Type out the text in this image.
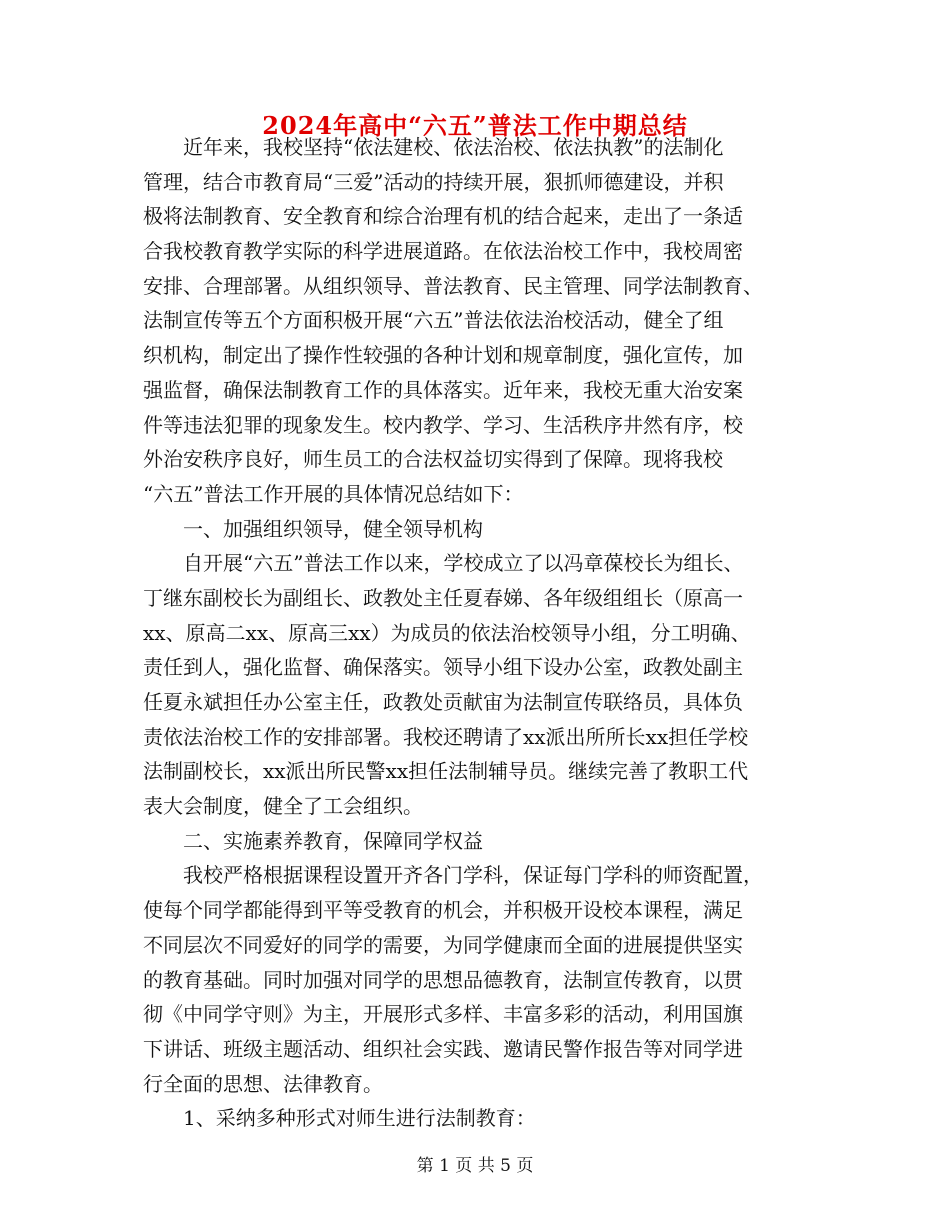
2024年高中“六五”普法工作中期总结
　　近年来，我校坚持“依法建校、依法治校、依法执教”的法制化
管理，结合市教育局“三爱”活动的持续开展，狠抓师德建设，并积
极将法制教育、安全教育和综合治理有机的结合起来，走出了一条适
合我校教育教学实际的科学进展道路。在依法治校工作中，我校周密
安排、合理部署。从组织领导、普法教育、民主管理、同学法制教育、
法制宣传等五个方面积极开展“六五”普法依法治校活动，健全了组
织机构，制定出了操作性较强的各种计划和规章制度，强化宣传，加
强监督，确保法制教育工作的具体落实。近年来，我校无重大治安案
件等违法犯罪的现象发生。校内教学、学习、生活秩序井然有序，校
外治安秩序良好，师生员工的合法权益切实得到了保障。现将我校
“六五”普法工作开展的具体情况总结如下：
　　一、加强组织领导，健全领导机构
　　自开展“六五”普法工作以来，学校成立了以冯章葆校长为组长、
丁继东副校长为副组长、政教处主任夏春娣、各年级组组长（原高一
xx、原高二xx、原高三xx）为成员的依法治校领导小组，分工明确、
责任到人，强化监督、确保落实。领导小组下设办公室，政教处副主
任夏永斌担任办公室主任，政教处贡献宙为法制宣传联络员，具体负
责依法治校工作的安排部署。我校还聘请了xx派出所所长xx担任学校
法制副校长，xx派出所民警xx担任法制辅导员。继续完善了教职工代
表大会制度，健全了工会组织。
　　二、实施素养教育，保障同学权益
　　我校严格根据课程设置开齐各门学科，保证每门学科的师资配置，
使每个同学都能得到平等受教育的机会，并积极开设校本课程，满足
不同层次不同爱好的同学的需要，为同学健康而全面的进展提供坚实
的教育基础。同时加强对同学的思想品德教育，法制宣传教育，以贯
彻《中同学守则》为主，开展形式多样、丰富多彩的活动，利用国旗
下讲话、班级主题活动、组织社会实践、邀请民警作报告等对同学进
行全面的思想、法律教育。
　　1、采纳多种形式对师生进行法制教育：
第 1 页 共 5 页
